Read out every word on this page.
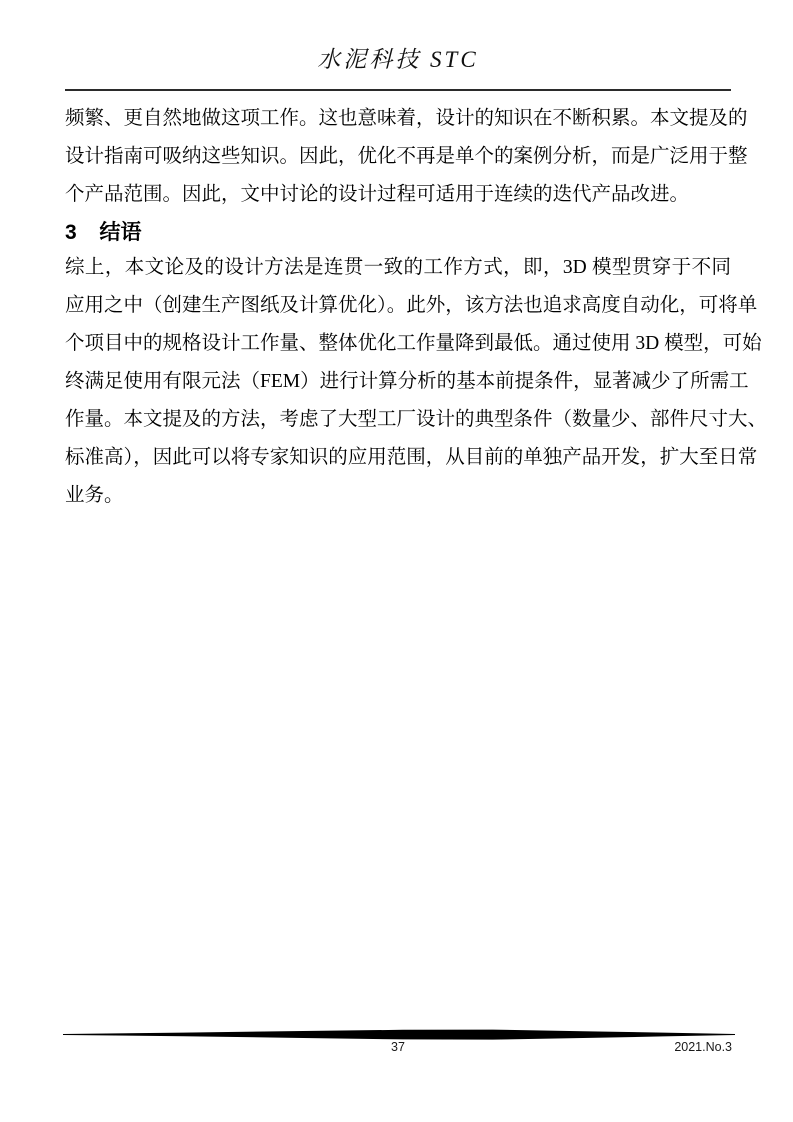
水泥科技 STC
频繁、更自然地做这项工作。这也意味着，设计的知识在不断积累。本文提及的
设计指南可吸纳这些知识。因此，优化不再是单个的案例分析，而是广泛用于整
个产品范围。因此，文中讨论的设计过程可适用于连续的迭代产品改进。
3 结语
综上，本文论及的设计方法是连贯一致的工作方式，即，3D 模型贯穿于不同
应用之中（创建生产图纸及计算优化）。此外，该方法也追求高度自动化，可将单
个项目中的规格设计工作量、整体优化工作量降到最低。通过使用 3D 模型，可始
终满足使用有限元法（FEM）进行计算分析的基本前提条件，显著减少了所需工
作量。本文提及的方法，考虑了大型工厂设计的典型条件（数量少、部件尺寸大、
标准高），因此可以将专家知识的应用范围，从目前的单独产品开发，扩大至日常
业务。
37	2021.No.3
